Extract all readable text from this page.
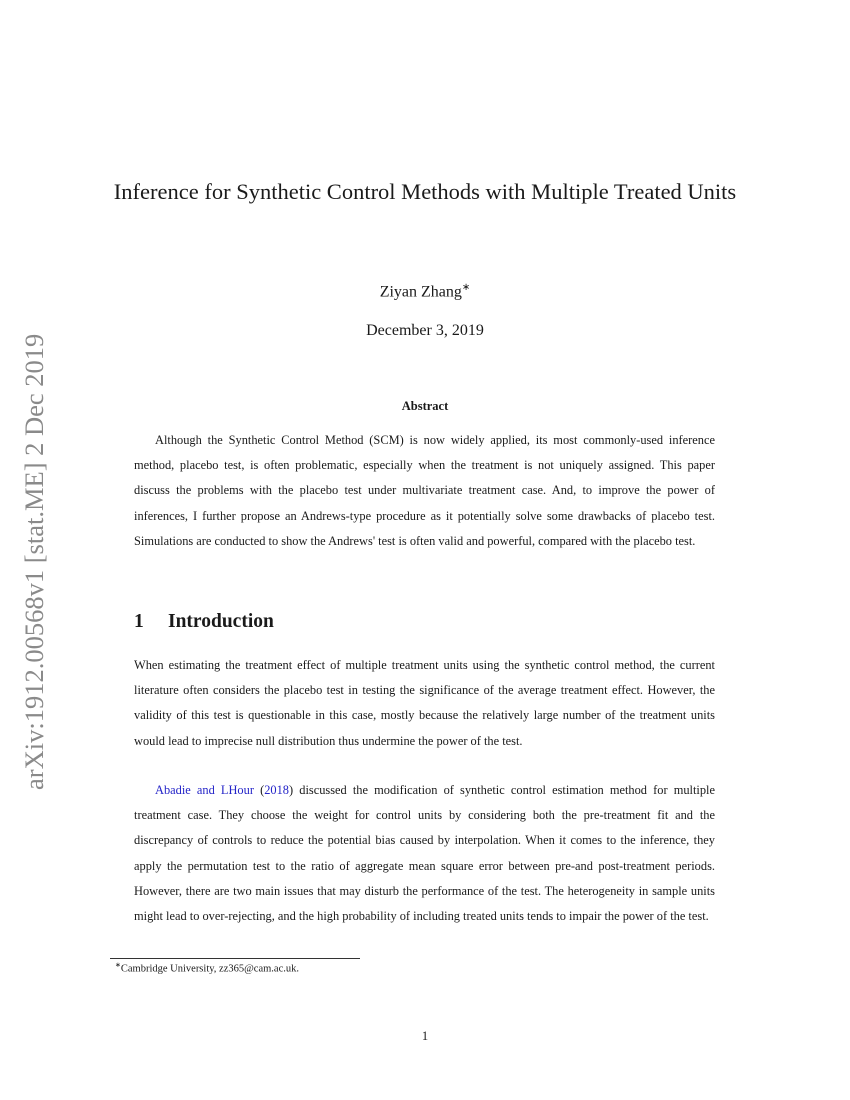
arXiv:1912.00568v1 [stat.ME] 2 Dec 2019
Inference for Synthetic Control Methods with Multiple Treated Units
Ziyan Zhang∗
December 3, 2019
Abstract
Although the Synthetic Control Method (SCM) is now widely applied, its most commonly-used inference method, placebo test, is often problematic, especially when the treatment is not uniquely assigned. This paper discuss the problems with the placebo test under multivariate treatment case. And, to improve the power of inferences, I further propose an Andrews-type procedure as it potentially solve some drawbacks of placebo test. Simulations are conducted to show the Andrews' test is often valid and powerful, compared with the placebo test.
1 Introduction
When estimating the treatment effect of multiple treatment units using the synthetic control method, the current literature often considers the placebo test in testing the significance of the average treatment effect. However, the validity of this test is questionable in this case, mostly because the relatively large number of the treatment units would lead to imprecise null distribution thus undermine the power of the test.
Abadie and LHour (2018) discussed the modification of synthetic control estimation method for multiple treatment case. They choose the weight for control units by considering both the pre-treatment fit and the discrepancy of controls to reduce the potential bias caused by interpolation. When it comes to the inference, they apply the permutation test to the ratio of aggregate mean square error between pre-and post-treatment periods. However, there are two main issues that may disturb the performance of the test. The heterogeneity in sample units might lead to over-rejecting, and the high probability of including treated units tends to impair the power of the test.
∗Cambridge University, zz365@cam.ac.uk.
1
